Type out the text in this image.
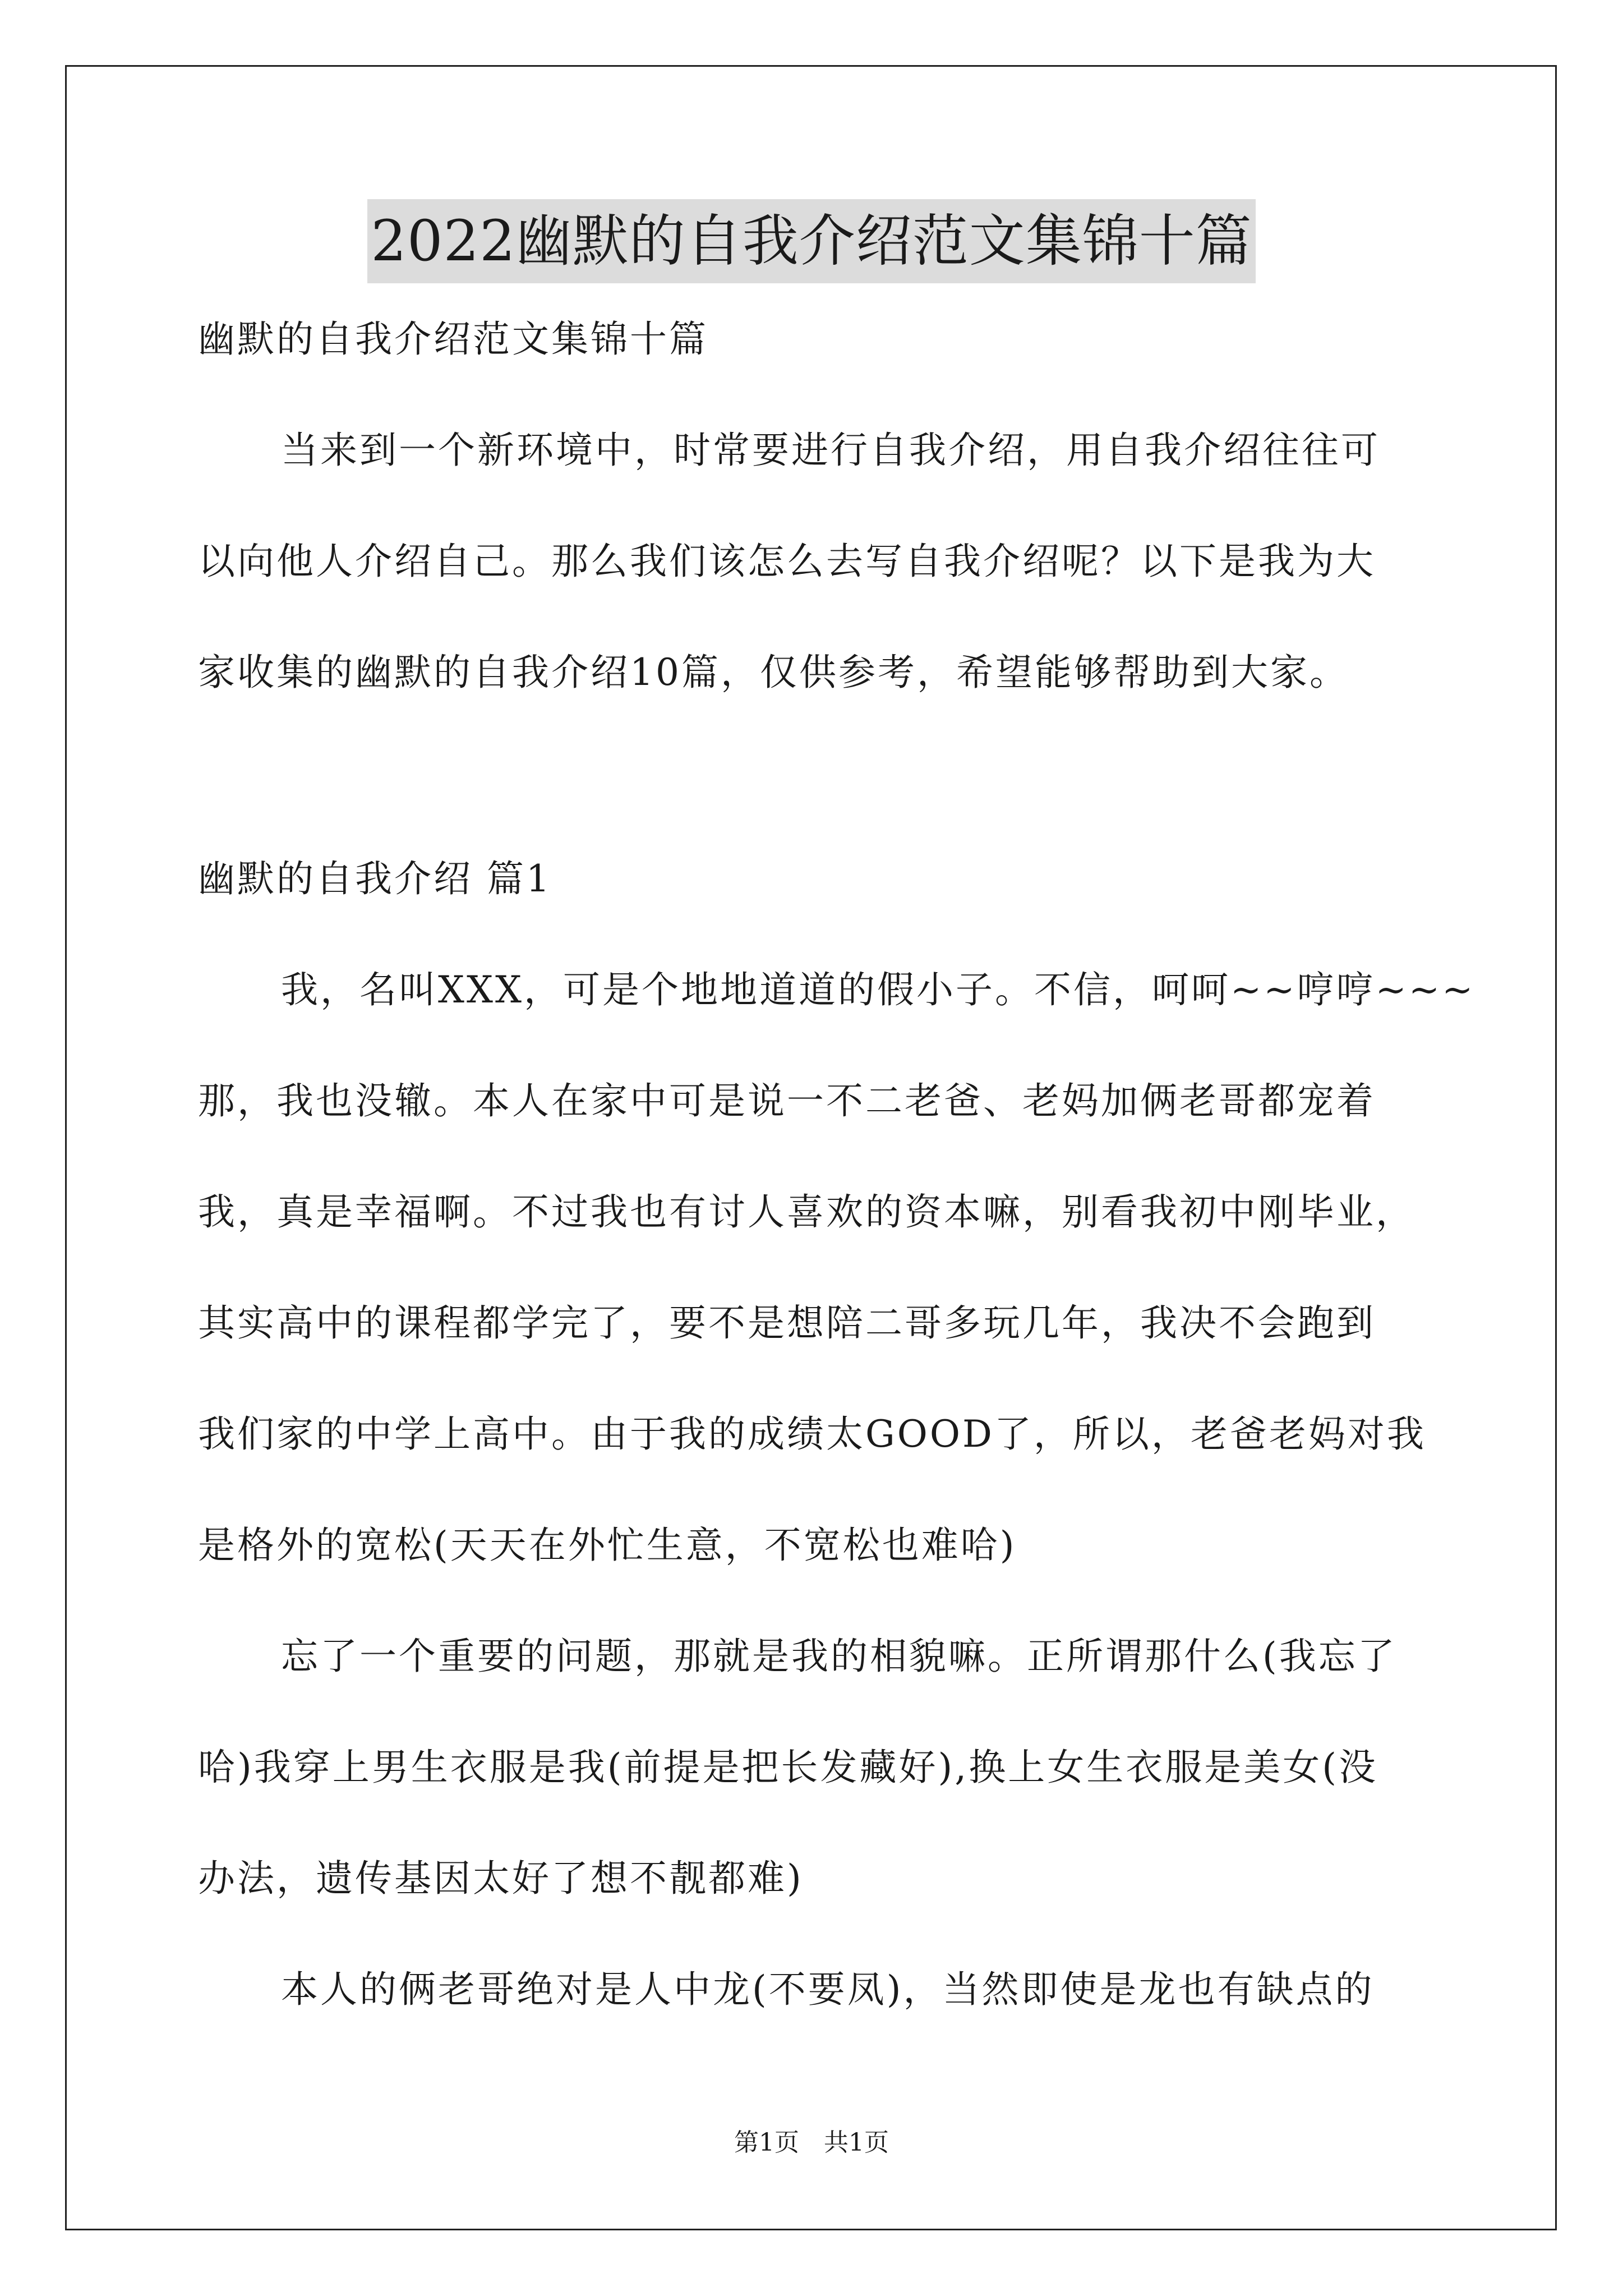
2022幽默的自我介绍范文集锦十篇
幽默的自我介绍范文集锦十篇
当来到一个新环境中，时常要进行自我介绍，用自我介绍往往可
以向他人介绍自己。那么我们该怎么去写自我介绍呢？以下是我为大
家收集的幽默的自我介绍10篇，仅供参考，希望能够帮助到大家。
幽默的自我介绍 篇1
我，名叫XXX，可是个地地道道的假小子。不信，呵呵~~哼哼~~~
那，我也没辙。本人在家中可是说一不二老爸、老妈加俩老哥都宠着
我，真是幸福啊。不过我也有讨人喜欢的资本嘛，别看我初中刚毕业，
其实高中的课程都学完了，要不是想陪二哥多玩几年，我决不会跑到
我们家的中学上高中。由于我的成绩太GOOD了，所以，老爸老妈对我
是格外的宽松(天天在外忙生意，不宽松也难哈)
忘了一个重要的问题，那就是我的相貌嘛。正所谓那什么(我忘了
哈)我穿上男生衣服是我(前提是把长发藏好),换上女生衣服是美女(没
办法，遗传基因太好了想不靓都难)
本人的俩老哥绝对是人中龙(不要凤)，当然即使是龙也有缺点的
第1页　共1页
